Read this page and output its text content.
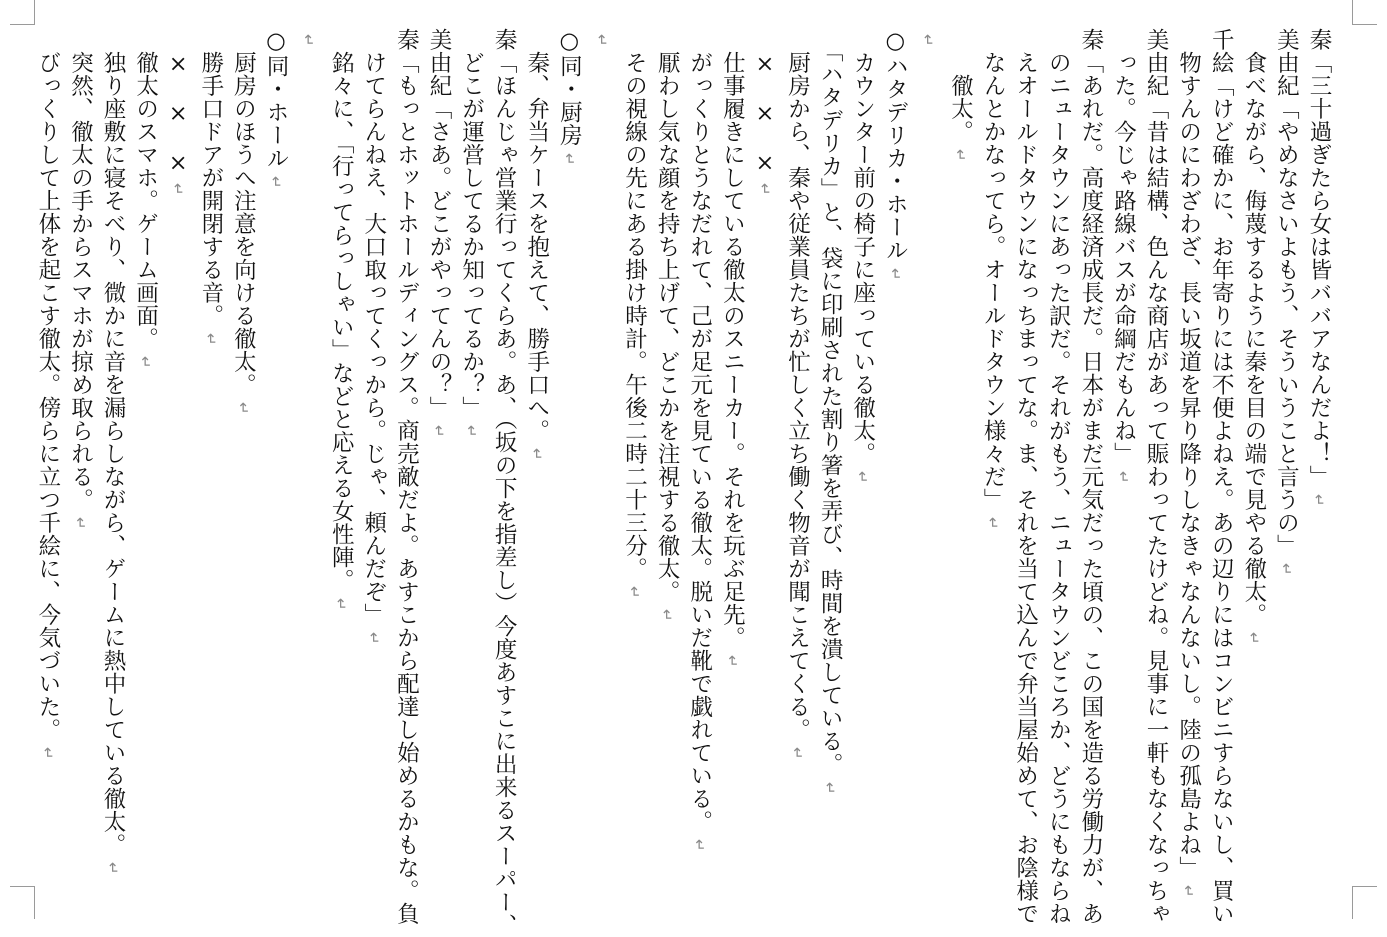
秦「三十過ぎたら女は皆ババアなんだよ！」↵
美由紀「やめなさいよもう、そういうこと言うの」↵
　食べながら、侮蔑するように秦を目の端で見やる徹太。↵
千絵「けど確かに、お年寄りには不便よねえ。あの辺りにはコンビニすらないし、買い
　物すんのにわざわざ、長い坂道を昇り降りしなきゃなんないし。陸の孤島よね」↵
美由紀「昔は結構、色んな商店があって賑わってたけどね。見事に一軒もなくなっちゃ
　った。今じゃ路線バスが命綱だもんね」↵
秦「あれだ。高度経済成長だ。日本がまだ元気だった頃の、この国を造る労働力が、あ
　のニュータウンにあった訳だ。それがもう、ニュータウンどころか、どうにもならね
　えオールドタウンになっちまってな。ま、それを当て込んで弁当屋始めて、お陰様で
　なんとかなってら。オールドタウン様々だ」↵
　　徹太。↵
↵
○ハタデリカ・ホール↵
　カウンター前の椅子に座っている徹太。↵
　「ハタデリカ」と、袋に印刷された割り箸を弄び、時間を潰している。↵
　厨房から、秦や従業員たちが忙しく立ち働く物音が聞こえてくる。↵
　×　×　×↵
　仕事履きにしている徹太のスニーカー。それを玩ぶ足先。↵
　がっくりとうなだれて、己が足元を見ている徹太。脱いだ靴で戯れている。↵
　厭わし気な顔を持ち上げて、どこかを注視する徹太。↵
　その視線の先にある掛け時計。午後二時二十三分。↵
↵
○同・厨房↵
　秦、弁当ケースを抱えて、勝手口へ。↵
秦「ほんじゃ営業行ってくらあ。あ、（坂の下を指差し）今度あすこに出来るスーパー、
　どこが運営してるか知ってるか？」↵
美由紀「さあ。どこがやってんの？」↵
秦「もっとホットホールディングス。商売敵だよ。あすこから配達し始めるかもな。負
　けてらんねえ、大口取ってくっから。じゃ、頼んだぞ」↵
　銘々に、「行ってらっしゃい」などと応える女性陣。↵
↵
○同・ホール↵
　厨房のほうへ注意を向ける徹太。↵
　勝手口ドアが開閉する音。↵
　×　×　×↵
　徹太のスマホ。ゲーム画面。↵
　独り座敷に寝そべり、微かに音を漏らしながら、ゲームに熱中している徹太。↵
　突然、徹太の手からスマホが掠め取られる。↵
　びっくりして上体を起こす徹太。傍らに立つ千絵に、今気づいた。↵
